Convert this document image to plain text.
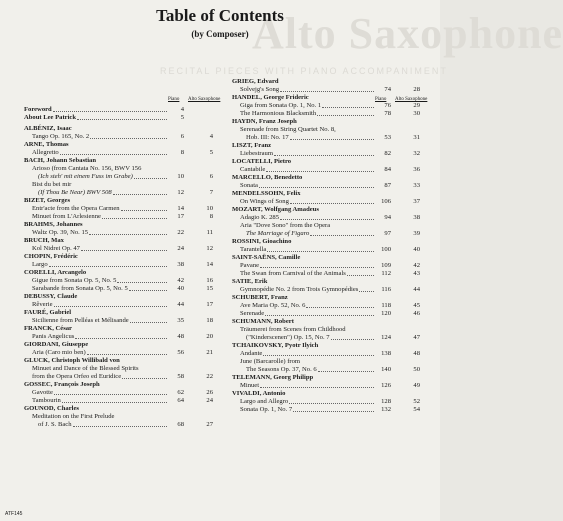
Alto Saxophone
RECITAL PIECES WITH PIANO ACCOMPANIMENT
Table of Contents
(by Composer)
Piano Alto Saxophone	Piano Alto Saxophone
Foreword	4
About Lee Patrick	5
ALBÉNIZ, Isaac
Tango Op. 165, No. 2	6	4
ARNE, Thomas
Allegretto	8	5
BACH, Johann Sebastian
Arioso (from Cantata No. 156, BWV 156
(Ich steh' mit einem Fuss im Grabe)	10	6
Bist du bei mir
(If Thou Be Near) BWV 508	12	7
BIZET, Georges
Entr'acte from the Opera Carmen	14	10
Minuet from L'Arlesienne	17	8
BRAHMS, Johannes
Waltz Op. 39, No. 15	22	11
BRUCH, Max
Kol Nidrei Op. 47	24	12
CHOPIN, Frédéric
Largo	38	14
CORELLI, Arcangelo
Gigue from Sonata Op. 5, No. 5	42	16
Sarabande from Sonata Op. 5, No. 5	40	15
DEBUSSY, Claude
Rêverie	44	17
FAURÉ, Gabriel
Sicilienne from Pelléas et Mélisande	35	18
FRANCK, César
Panis Angelicus	48	20
GIORDANI, Giuseppe
Aria (Caro mio ben)	56	21
GLUCK, Christoph Willibald von
Minuet and Dance of the Blessed Spirits
from the Opera Orfeo ed Euridice	58	22
GOSSEC, François Joseph
Gavotte	62	26
Tambourin	64	24
GOUNOD, Charles
Meditation on the First Prelude
of J. S. Bach	68	27
GRIEG, Edvard
Solvejg's Song	74	28
HANDEL, George Frideric
Giga from Sonata Op. 1, No. 1	76	29
The Harmonious Blacksmith	78	30
HAYDN, Franz Joseph
Serenade from String Quartet No. 8,
Hob. III: No. 17	53	31
LISZT, Franz
Liebestraum	82	32
LOCATELLI, Pietro
Cantabile	84	36
MARCELLO, Benedetto
Sonata	87	33
MENDELSSOHN, Felix
On Wings of Song	106	37
MOZART, Wolfgang Amadeus
Adagio K. 285	94	38
Aria "Dove Sono" from the Opera
The Marriage of Figaro	97	39
ROSSINI, Gioachino
Tarantella	100	40
SAINT-SAËNS, Camille
Pavane	109	42
The Swan from Carnival of the Animals	112	43
SATIE, Erik
Gymnopédie No. 2 from Trois Gymnopédies	116	44
SCHUBERT, Franz
Ave Maria Op. 52, No. 6	118	45
Serenade	120	46
SCHUMANN, Robert
Träumerei from Scenes from Childhood
("Kinderscenen") Op. 15, No. 7	124	47
TCHAIKOVSKY, Pyotr Ilyich
Andante	138	48
June (Barcarolle) from
The Seasons Op. 37, No. 6	140	50
TELEMANN, Georg Philipp
Minuet	126	49
VIVALDI, Antonio
Largo and Allegro	128	52
Sonata Op. 1, No. 7	132	54
ATF145
